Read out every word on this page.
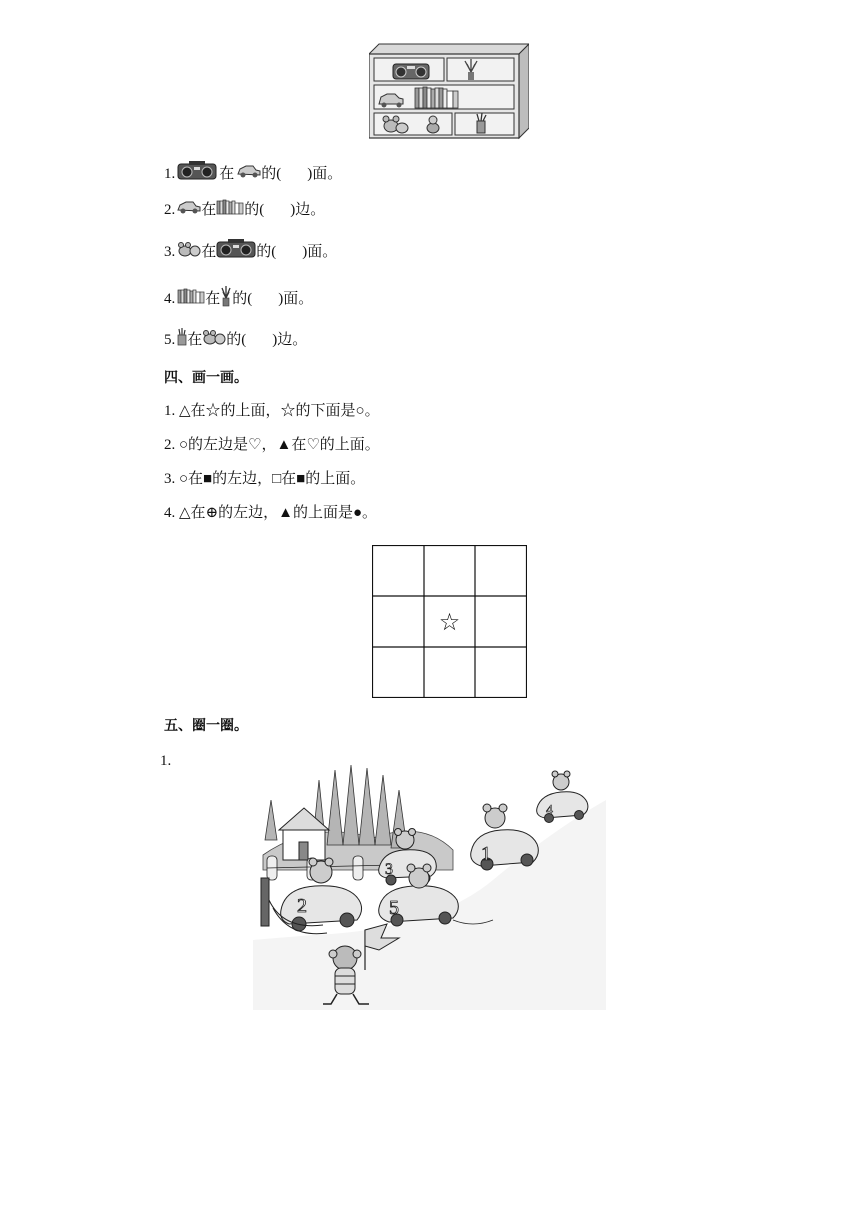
1.	在 的( )面。
2. 在 的( )边。
3. 在	的( )面。
4. 在 的( )面。
5. 在 的( )边。
四、画一画。
1. △在☆的上面，☆的下面是○。
2. ○的左边是♡，▲在♡的上面。
3. ○在■的左边，□在■的上面。
4. △在⊕的左边，▲的上面是●。
☆
五、圈一圈。
1.
2
3
5
1
4
